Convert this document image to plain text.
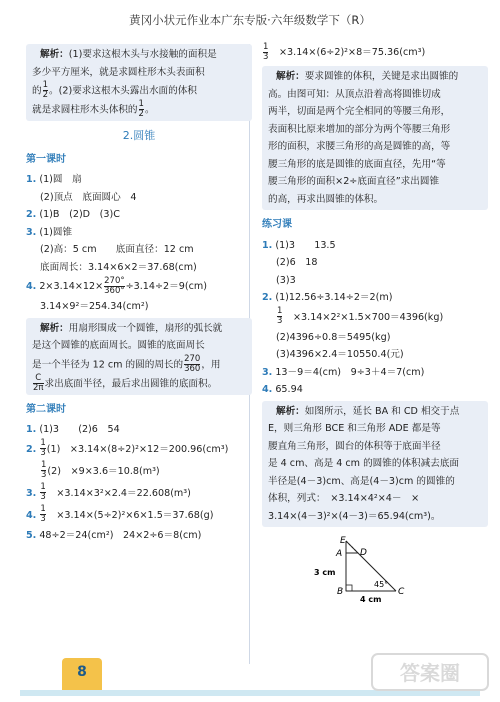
黄冈小状元作业本广东专版·六年级数学下（R）

解析：(1)要求这根木头与水接触的面积是

多少平方厘米，就是求圆柱形木头表面积

的 $\frac{1}{2}$ 。(2)要求这根木头露出水面的体积

就是求圆柱形木头体积的 $\frac{1}{2}$ 。

2.圆锥
第一课时

1. (1)圆　扇

(2)顶点　底面圆心　4

2. (1)B　(2)D　(3)C

3. (1)圆锥

(2)高：5 cm　　底面直径：12 cm

底面周长：3.14×6×2＝37.68(cm)

4. $2\times 3.14\times 12\times \frac{270^\circ}{360^\circ} \div 3.14\div 2=9(cm)$

3.14×9²＝254.34(cm²)

解析：用扇形围成一个圆锥，扇形的弧长就

是这个圆锥的底面周长。圆锥的底面周长

是一个半径为 12 cm 的圆的周长的 $\frac{270}{360}$ ，用

$\frac{C}{2\pi}$ 求出底面半径，最后求出圆锥的底面积。

第二课时

1. (1)3　　(2)6　54

2. $\frac{1}{3} (1)$　×3.14×(8÷2)²×12＝200.96(cm³)

$\frac{1}{3} (2)$　×9×3.6＝10.8(m³)

3. $\frac{1}{3}$ 　×3.14×3²×2.4＝22.608(m³)

4. $\frac{1}{3}$ 　×3.14×(5÷2)²×6×1.5＝37.68(g)

5. 48÷2＝24(cm²)　24×2÷6＝8(cm)

$\frac{1}{3}$ 　×3.14×(6÷2)²×8＝75.36(cm³)

解析：要求圆锥的体积，关键是求出圆锥的

高。由图可知：从顶点沿着高将圆锥切成

两半，切面是两个完全相同的等腰三角形，

表面积比原来增加的部分为两个等腰三角形

形的面积，求腰三角形的高是圆锥的高，等

腰三角形的底是圆锥的底面直径，先用“等

腰三角形的面积×2÷底面直径”求出圆锥

的高，再求出圆锥的体积。

练习课

1. (1)3　　13.5

(2)6　18

(3)3

2. (1)12.56÷3.14÷2＝2(m)

$\frac{1}{3}$ 　×3.14×2²×1.5×700＝4396(kg)

(2)4396÷0.8＝5495(kg)

(3)4396×2.4＝10550.4(元)

3. 13－9＝4(cm)　9÷3＋4＝7(cm)

4. 65.94

解析：如图所示，延长 BA 和 CD 相交于点

E，则三角形 BCE 和三角形 ADE 都是等

腰直角三角形，圆台的体积等于底面半径

是 4 cm、高是 4 cm 的圆锥的体积减去底面

半径是(4－3)cm、高是(4－3)cm 的圆锥的

体积，列式：　×3.14×4²×4－　×

3.14×(4－3)²×(4－3)＝65.94(cm³)。

E
A D
B	C
3 cm
4 cm
45°
8	答案圈
